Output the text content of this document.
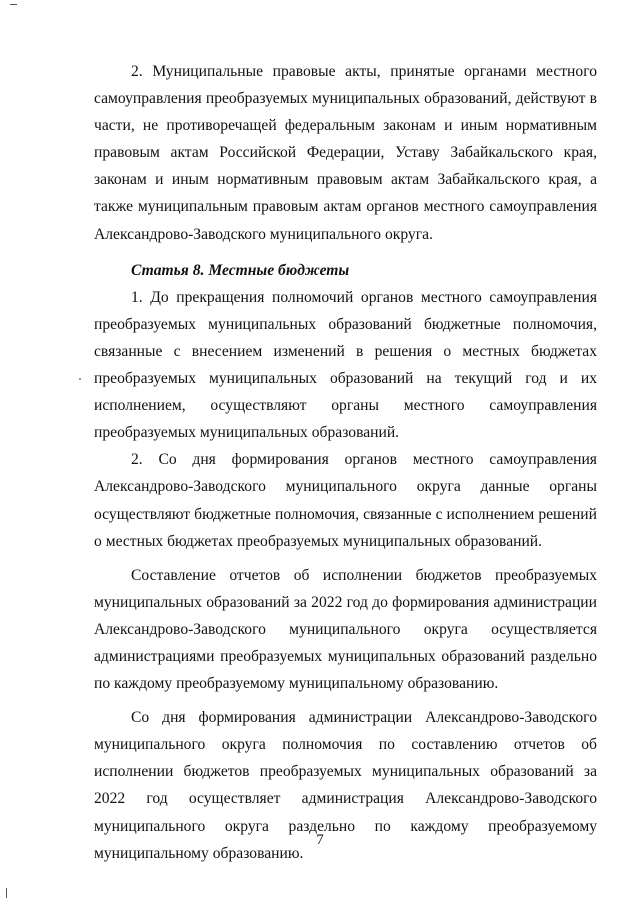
2. Муниципальные правовые акты, принятые органами местного самоуправления преобразуемых муниципальных образований, действуют в части, не противоречащей федеральным законам и иным нормативным правовым актам Российской Федерации, Уставу Забайкальского края, законам и иным нормативным правовым актам Забайкальского края, а также муниципальным правовым актам органов местного самоуправления Александрово-Заводского муниципального округа.

Статья 8. Местные бюджеты

1. До прекращения полномочий органов местного самоуправления преобразуемых муниципальных образований бюджетные полномочия, связанные с внесением изменений в решения о местных бюджетах преобразуемых муниципальных образований на текущий год и их исполнением, осуществляют органы местного самоуправления преобразуемых муниципальных образований.

2. Со дня формирования органов местного самоуправления Александрово-Заводского муниципального округа данные органы осуществляют бюджетные полномочия, связанные с исполнением решений о местных бюджетах преобразуемых муниципальных образований.

Составление отчетов об исполнении бюджетов преобразуемых муниципальных образований за 2022 год до формирования администрации Александрово-Заводского муниципального округа осуществляется администрациями преобразуемых муниципальных образований раздельно по каждому преобразуемому муниципальному образованию.

Со дня формирования администрации Александрово-Заводского муниципального округа полномочия по составлению отчетов об исполнении бюджетов преобразуемых муниципальных образований за 2022 год осуществляет администрация Александрово-Заводского муниципального округа раздельно по каждому преобразуемому муниципальному образованию.

7
